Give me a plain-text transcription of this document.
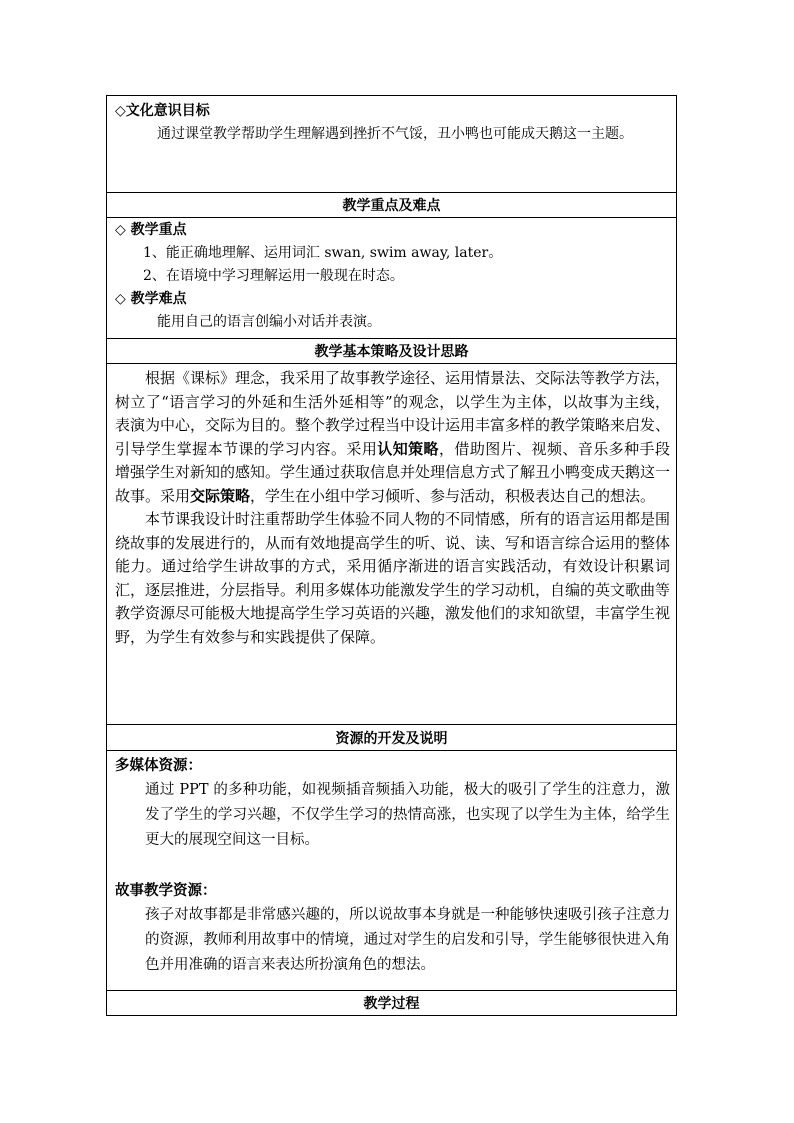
◇文化意识目标

通过课堂教学帮助学生理解遇到挫折不气馁，丑小鸭也可能成天鹅这一主题。

教学重点及难点

◇ 教学重点

1、能正确地理解、运用词汇 swan, swim away, later。

2、在语境中学习理解运用一般现在时态。

◇ 教学难点

能用自己的语言创编小对话并表演。

教学基本策略及设计思路

根据《课标》理念，我采用了故事教学途径、运用情景法、交际法等教学方法，树立了“语言学习的外延和生活外延相等”的观念，以学生为主体，以故事为主线，表演为中心，交际为目的。整个教学过程当中设计运用丰富多样的教学策略来启发、引导学生掌握本节课的学习内容。采用认知策略，借助图片、视频、音乐多种手段增强学生对新知的感知。学生通过获取信息并处理信息方式了解丑小鸭变成天鹅这一故事。采用交际策略，学生在小组中学习倾听、参与活动，积极表达自己的想法。

本节课我设计时注重帮助学生体验不同人物的不同情感，所有的语言运用都是围绕故事的发展进行的，从而有效地提高学生的听、说、读、写和语言综合运用的整体能力。通过给学生讲故事的方式，采用循序渐进的语言实践活动，有效设计积累词汇，逐层推进，分层指导。利用多媒体功能激发学生的学习动机，自编的英文歌曲等教学资源尽可能极大地提高学生学习英语的兴趣，激发他们的求知欲望，丰富学生视野，为学生有效参与和实践提供了保障。

资源的开发及说明

多媒体资源：

通过 PPT 的多种功能，如视频插音频插入功能，极大的吸引了学生的注意力，激发了学生的学习兴趣，不仅学生学习的热情高涨，也实现了以学生为主体，给学生更大的展现空间这一目标。

故事教学资源：

孩子对故事都是非常感兴趣的，所以说故事本身就是一种能够快速吸引孩子注意力的资源，教师利用故事中的情境，通过对学生的启发和引导，学生能够很快进入角色并用准确的语言来表达所扮演角色的想法。

教学过程
